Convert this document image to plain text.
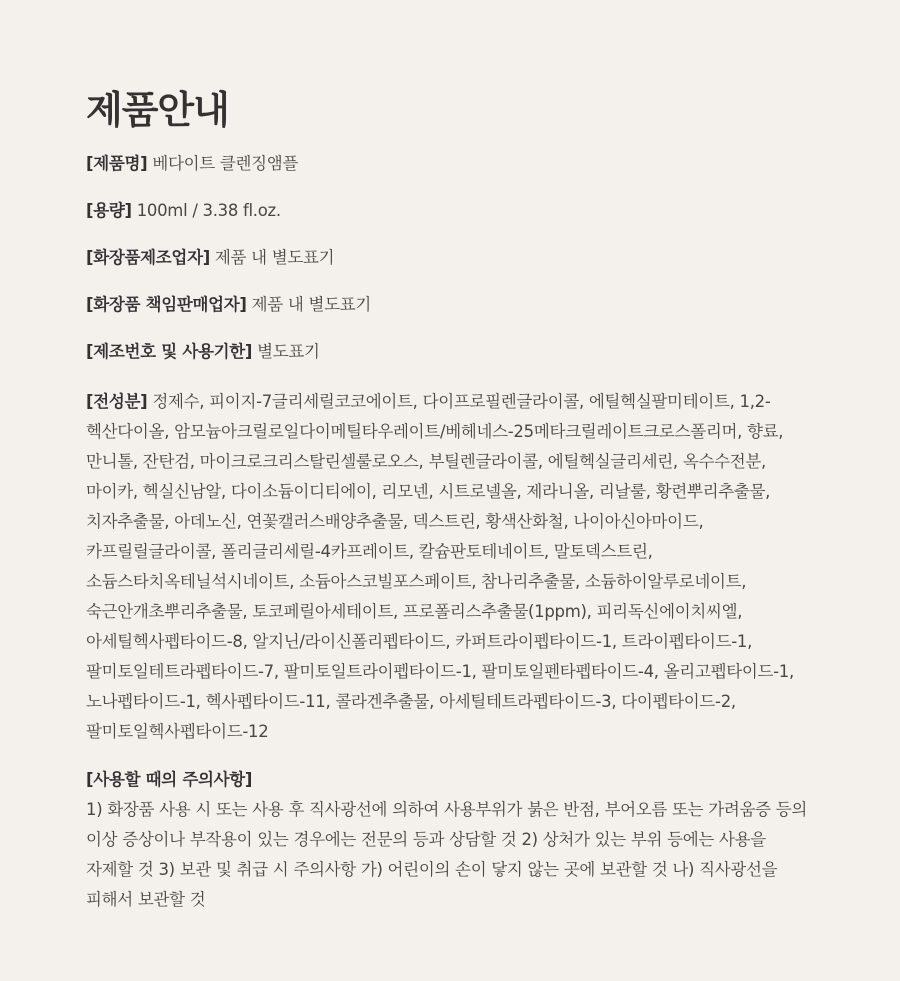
제품안내
[제품명] 베다이트 클렌징앰플
[용량] 100ml / 3.38 fl.oz.
[화장품제조업자] 제품 내 별도표기
[화장품 책임판매업자] 제품 내 별도표기
[제조번호 및 사용기한] 별도표기

[전성분] 정제수, 피이지-7글리세릴코코에이트, 다이프로필렌글라이콜, 에틸헥실팔미테이트, 1,2-헥산다이올, 암모늄아크릴로일다이메틸타우레이트/베헤네스-25메타크릴레이트크로스폴리머, 향료, 만니톨, 잔탄검, 마이크로크리스탈린셀룰로오스, 부틸렌글라이콜, 에틸헥실글리세린, 옥수수전분, 마이카, 헥실신남알, 다이소듐이디티에이, 리모넨, 시트로넬올, 제라니올, 리날룰, 황련뿌리추출물, 치자추출물, 아데노신, 연꽃캘러스배양추출물, 덱스트린, 황색산화철, 나이아신아마이드, 카프릴릴글라이콜, 폴리글리세릴-4카프레이트, 칼슘판토테네이트, 말토덱스트린, 소듐스타치옥테닐석시네이트, 소듐아스코빌포스페이트, 참나리추출물, 소듐하이알루로네이트, 숙근안개초뿌리추출물, 토코페릴아세테이트, 프로폴리스추출물(1ppm), 피리독신에이치씨엘, 아세틸헥사펩타이드-8, 알지닌/라이신폴리펩타이드, 카퍼트라이펩타이드-1, 트라이펩타이드-1, 팔미토일테트라펩타이드-7, 팔미토일트라이펩타이드-1, 팔미토일펜타펩타이드-4, 올리고펩타이드-1, 노나펩타이드-1, 헥사펩타이드-11, 콜라겐추출물, 아세틸테트라펩타이드-3, 다이펩타이드-2, 팔미토일헥사펩타이드-12

[사용할 때의 주의사항]

1) 화장품 사용 시 또는 사용 후 직사광선에 의하여 사용부위가 붉은 반점, 부어오름 또는 가려움증 등의 이상 증상이나 부작용이 있는 경우에는 전문의 등과 상담할 것 2) 상처가 있는 부위 등에는 사용을 자제할 것 3) 보관 및 취급 시 주의사항 가) 어린이의 손이 닿지 않는 곳에 보관할 것 나) 직사광선을 피해서 보관할 것
